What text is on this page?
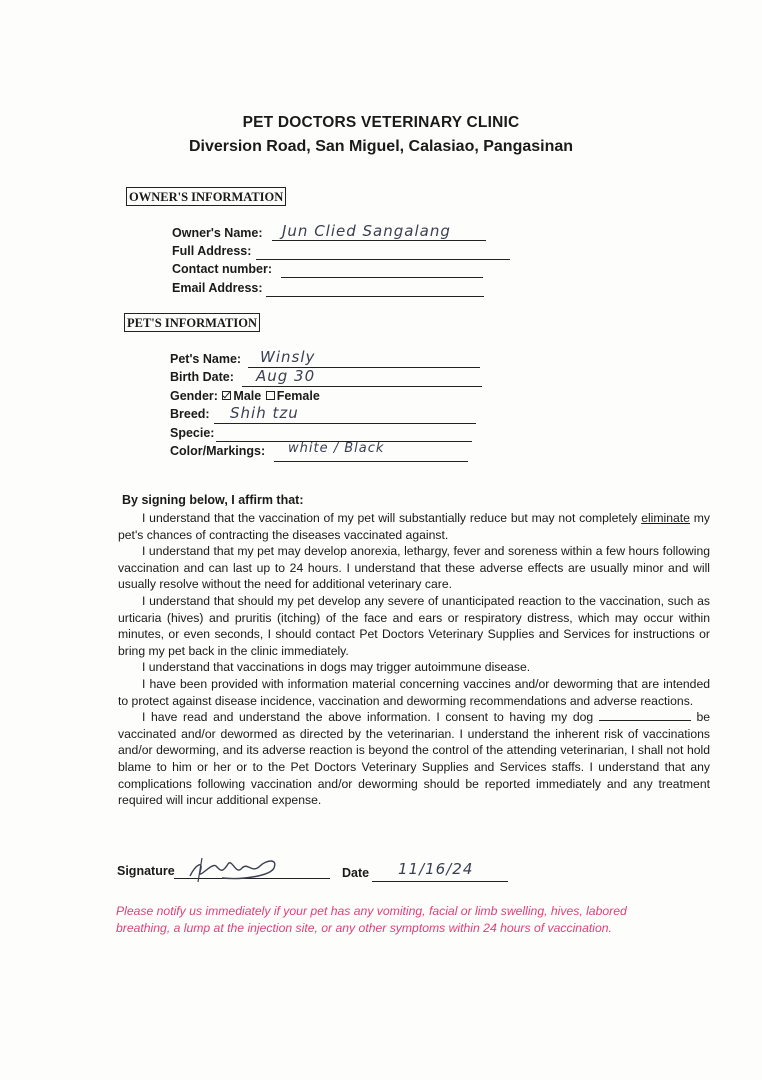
PET DOCTORS VETERINARY CLINIC
Diversion Road, San Miguel, Calasiao, Pangasinan
OWNER'S INFORMATION
Owner's Name: Jun Clied Sangalang
Full Address:
Contact number:
Email Address:
PET'S INFORMATION
Pet's Name: Winsly
Birth Date: Aug 30
Gender: Male Female
Breed: Shih tzu
Specie:
Color/Markings: white / Black
By signing below, I affirm that:

I understand that the vaccination of my pet will substantially reduce but may not completely eliminate my pet's chances of contracting the diseases vaccinated against.

I understand that my pet may develop anorexia, lethargy, fever and soreness within a few hours following vaccination and can last up to 24 hours. I understand that these adverse effects are usually minor and will usually resolve without the need for additional veterinary care.

I understand that should my pet develop any severe of unanticipated reaction to the vaccination, such as urticaria (hives) and pruritis (itching) of the face and ears or respiratory distress, which may occur within minutes, or even seconds, I should contact Pet Doctors Veterinary Supplies and Services for instructions or bring my pet back in the clinic immediately.

I understand that vaccinations in dogs may trigger autoimmune disease.

I have been provided with information material concerning vaccines and/or deworming that are intended to protect against disease incidence, vaccination and deworming recommendations and adverse reactions.

I have read and understand the above information. I consent to having my dog	be vaccinated and/or dewormed as directed by the veterinarian. I understand the inherent risk of vaccinations and/or deworming, and its adverse reaction is beyond the control of the attending veterinarian, I shall not hold blame to him or her or to the Pet Doctors Veterinary Supplies and Services staffs. I understand that any complications following vaccination and/or deworming should be reported immediately and any treatment required will incur additional expense.

Signature	Date 11/16/24
Please notify us immediately if your pet has any vomiting, facial or limb swelling, hives, labored breathing, a lump at the injection site, or any other symptoms within 24 hours of vaccination.
